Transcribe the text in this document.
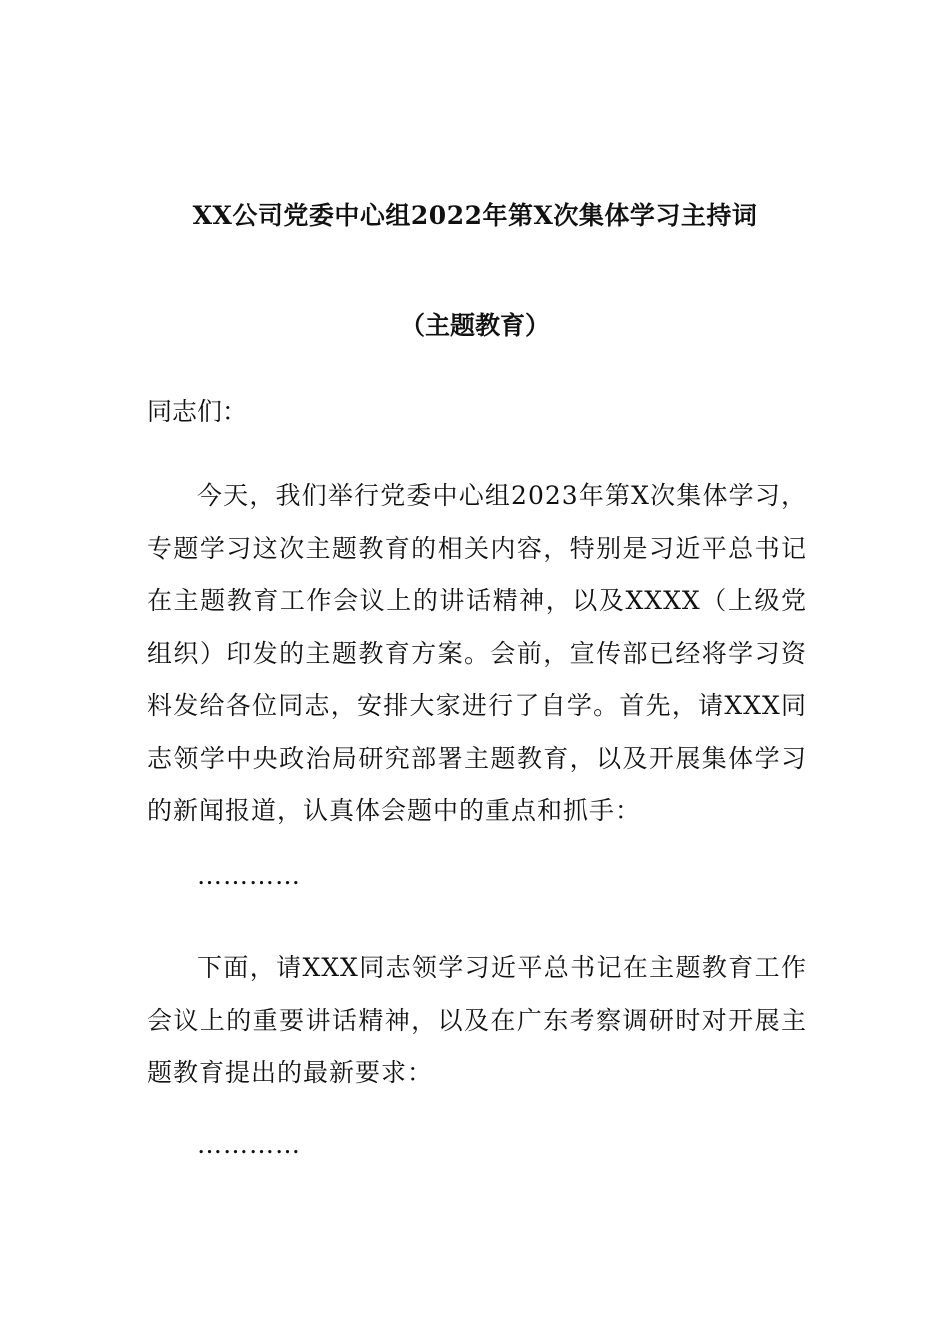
XX公司党委中心组2022年第X次集体学习主持词
（主题教育）
同志们：

今天，我们举行党委中心组2023年第X次集体学习，专题学习这次主题教育的相关内容，特别是习近平总书记在主题教育工作会议上的讲话精神，以及XXXX（上级党组织）印发的主题教育方案。会前，宣传部已经将学习资料发给各位同志，安排大家进行了自学。首先，请XXX同志领学中央政治局研究部署主题教育，以及开展集体学习的新闻报道，认真体会题中的重点和抓手：

…………

下面，请XXX同志领学习近平总书记在主题教育工作会议上的重要讲话精神，以及在广东考察调研时对开展主题教育提出的最新要求：

…………
